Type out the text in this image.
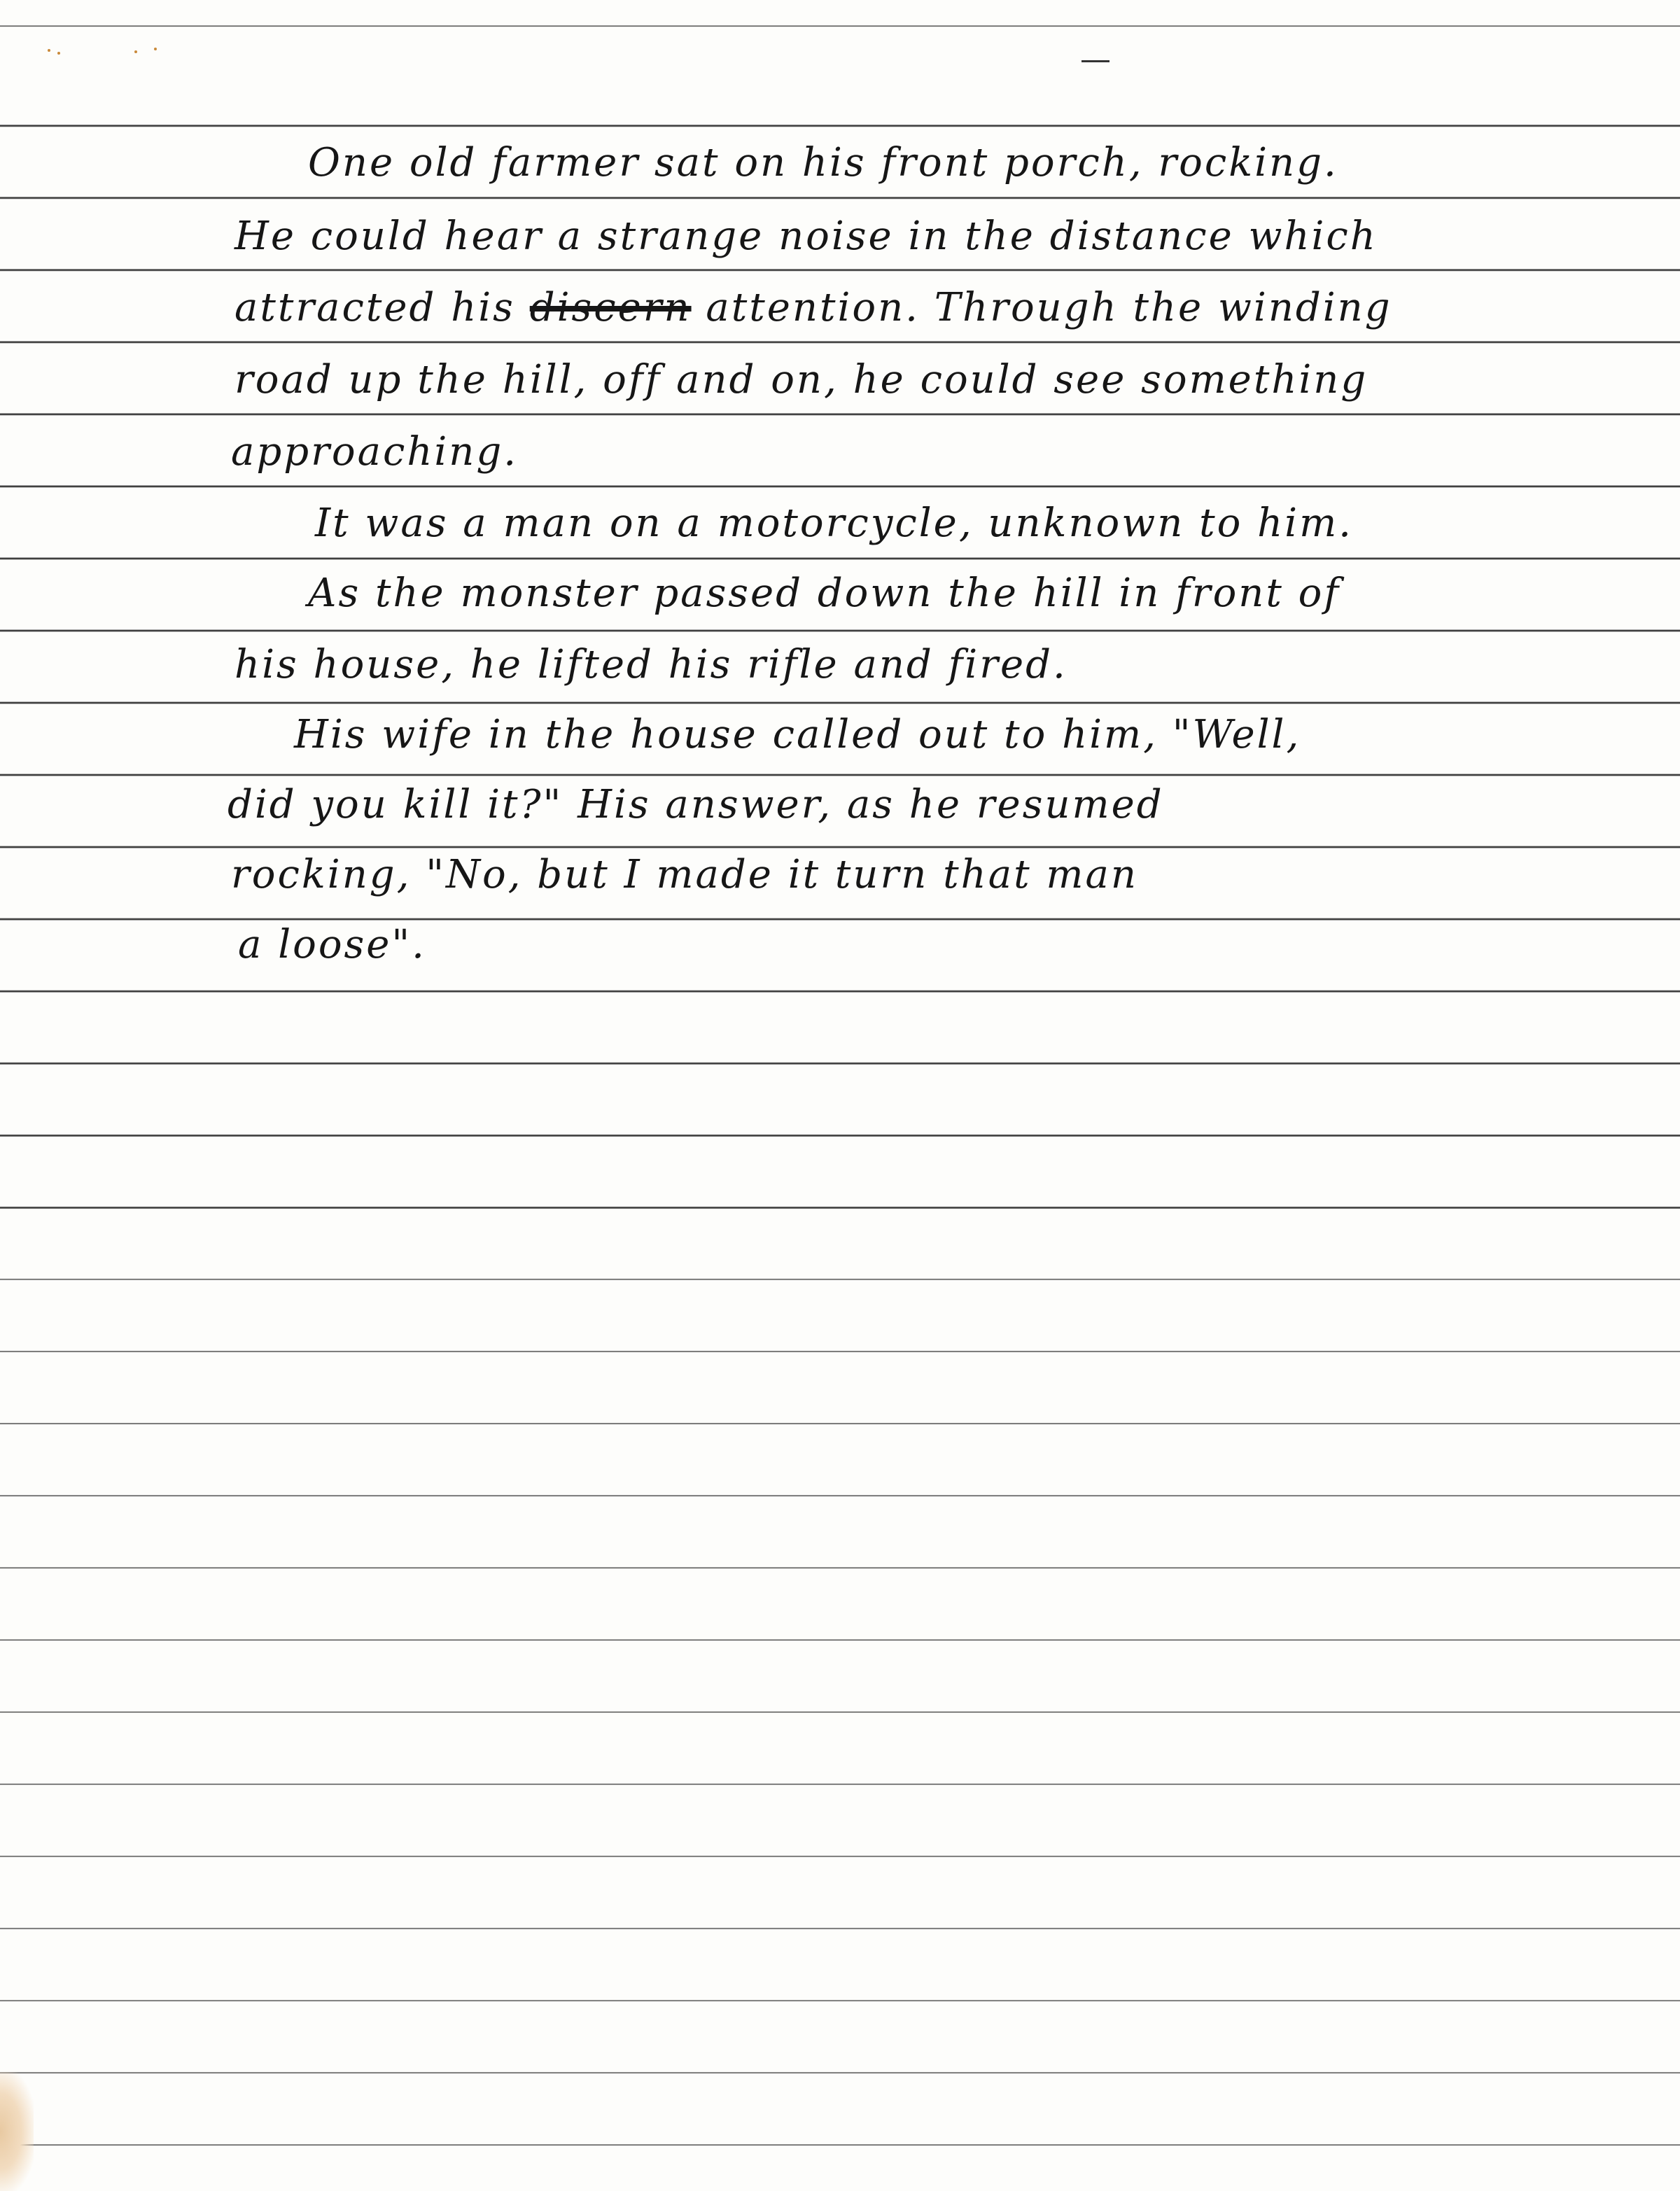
One old farmer sat on his front porch, rocking.
He could hear a strange noise in the distance which
attracted his discern attention. Through the winding
road up the hill, off and on, he could see something
approaching.
It was a man on a motorcycle, unknown to him.
As the monster passed down the hill in front of
his house, he lifted his rifle and fired.
His wife in the house called out to him, "Well,
did you kill it?" His answer, as he resumed
rocking, "No, but I made it turn that man
a loose".
